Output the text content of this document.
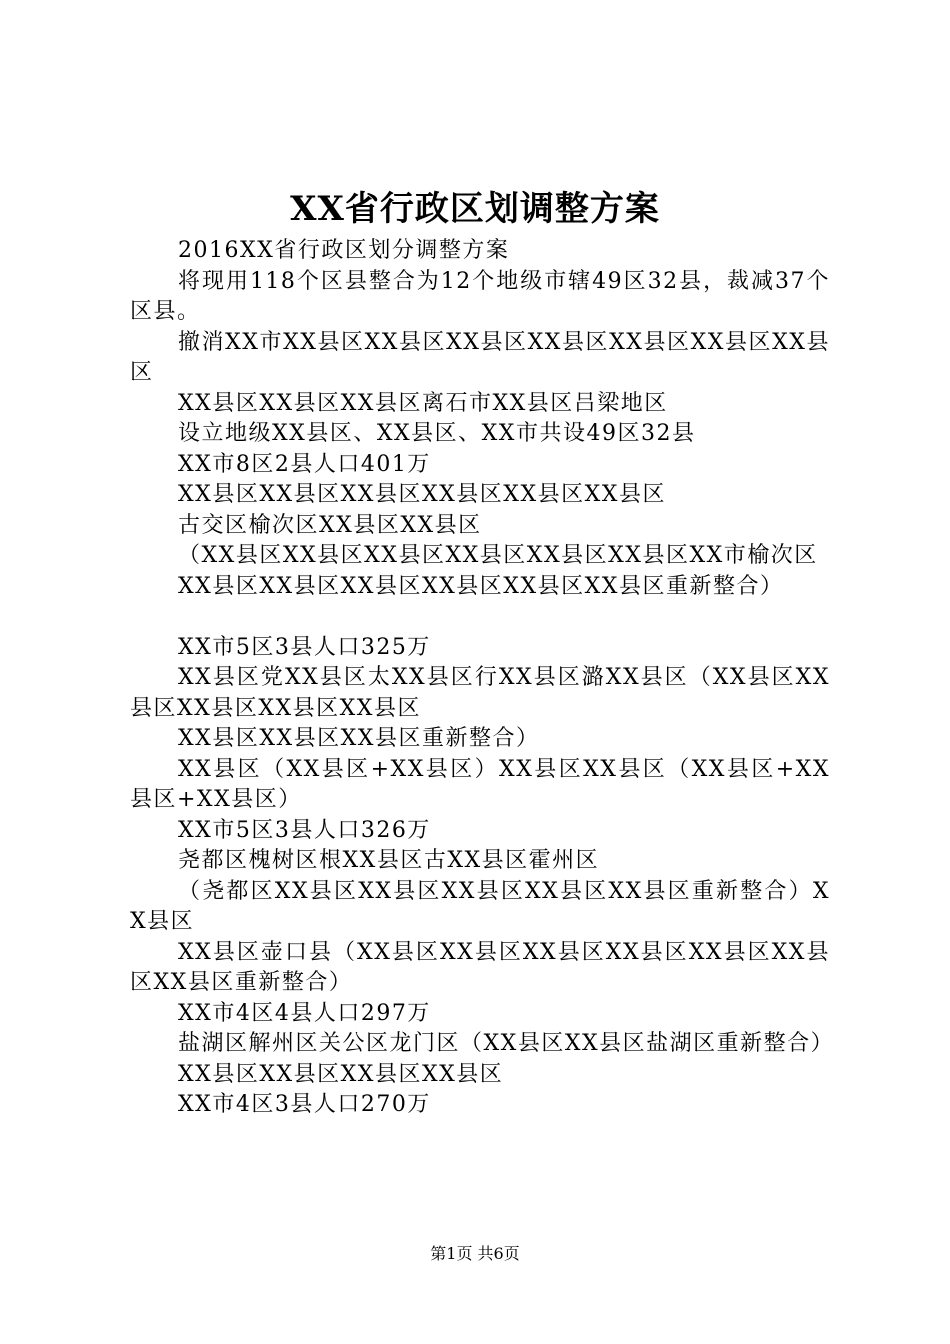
XX省行政区划调整方案

2016XX省行政区划分调整方案

将现用118个区县整合为12个地级市辖49区32县，裁减37个区县。

撤消XX市XX县区XX县区XX县区XX县区XX县区XX县区XX县区

XX县区XX县区XX县区离石市XX县区吕梁地区

设立地级XX县区、XX县区、XX市共设49区32县

XX市8区2县人口401万

XX县区XX县区XX县区XX县区XX县区XX县区

古交区榆次区XX县区XX县区

（XX县区XX县区XX县区XX县区XX县区XX县区XX市榆次区

XX县区XX县区XX县区XX县区XX县区XX县区重新整合）

XX市5区3县人口325万

XX县区党XX县区太XX县区行XX县区潞XX县区（XX县区XX县区XX县区XX县区XX县区

XX县区XX县区XX县区重新整合）

XX县区（XX县区+XX县区）XX县区XX县区（XX县区+XX县区+XX县区）

XX市5区3县人口326万

尧都区槐树区根XX县区古XX县区霍州区

（尧都区XX县区XX县区XX县区XX县区XX县区重新整合）XX县区

XX县区壶口县（XX县区XX县区XX县区XX县区XX县区XX县区XX县区重新整合）

XX市4区4县人口297万

盐湖区解州区关公区龙门区（XX县区XX县区盐湖区重新整合）

XX县区XX县区XX县区XX县区

XX市4区3县人口270万

第1页 共6页
